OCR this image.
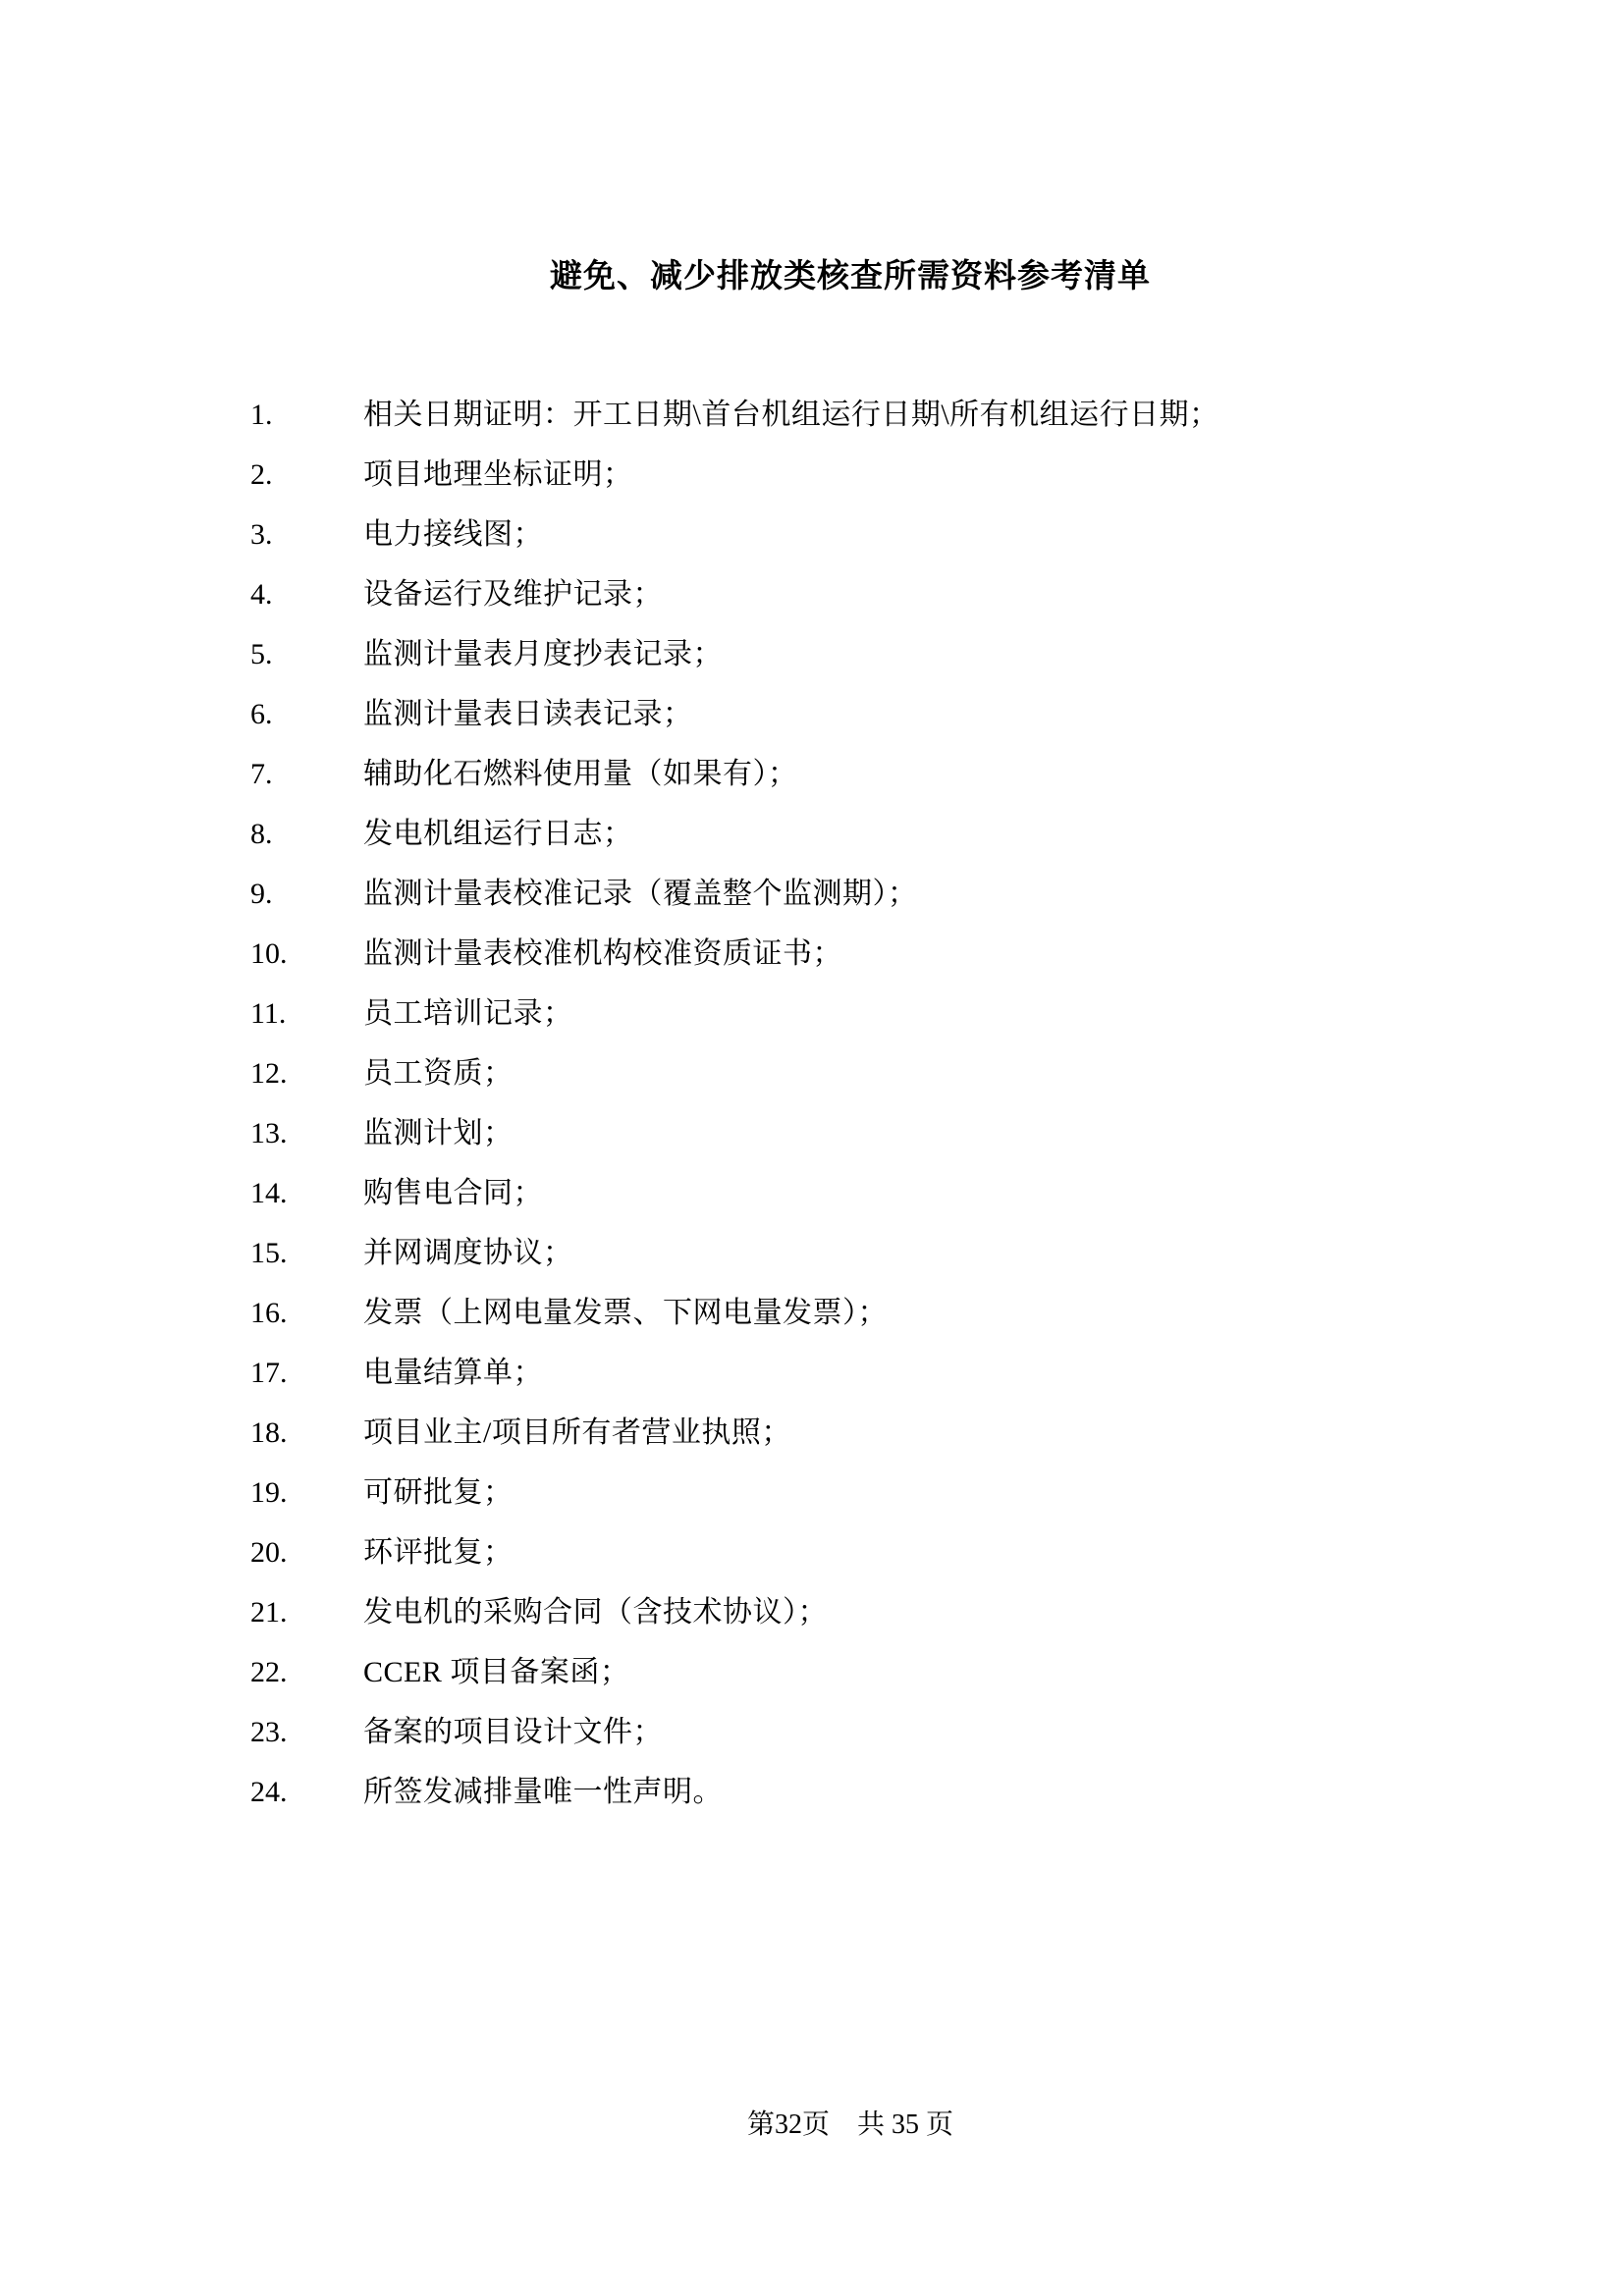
避免、减少排放类核查所需资料参考清单
1.	相关日期证明：开工日期\首台机组运行日期\所有机组运行日期；
2.	项目地理坐标证明；
3.	电力接线图；
4.	设备运行及维护记录；
5.	监测计量表月度抄表记录；
6.	监测计量表日读表记录；
7.	辅助化石燃料使用量（如果有）；
8.	发电机组运行日志；
9.	监测计量表校准记录（覆盖整个监测期）；
10.	监测计量表校准机构校准资质证书；
11.	员工培训记录；
12.	员工资质；
13.	监测计划；
14.	购售电合同；
15.	并网调度协议；
16.	发票（上网电量发票、下网电量发票）；
17.	电量结算单；
18.	项目业主/项目所有者营业执照；
19.	可研批复；
20.	环评批复；
21.	发电机的采购合同（含技术协议）；
22.	CCER 项目备案函；
23.	备案的项目设计文件；
24.	所签发减排量唯一性声明。
第32页　共 35 页
